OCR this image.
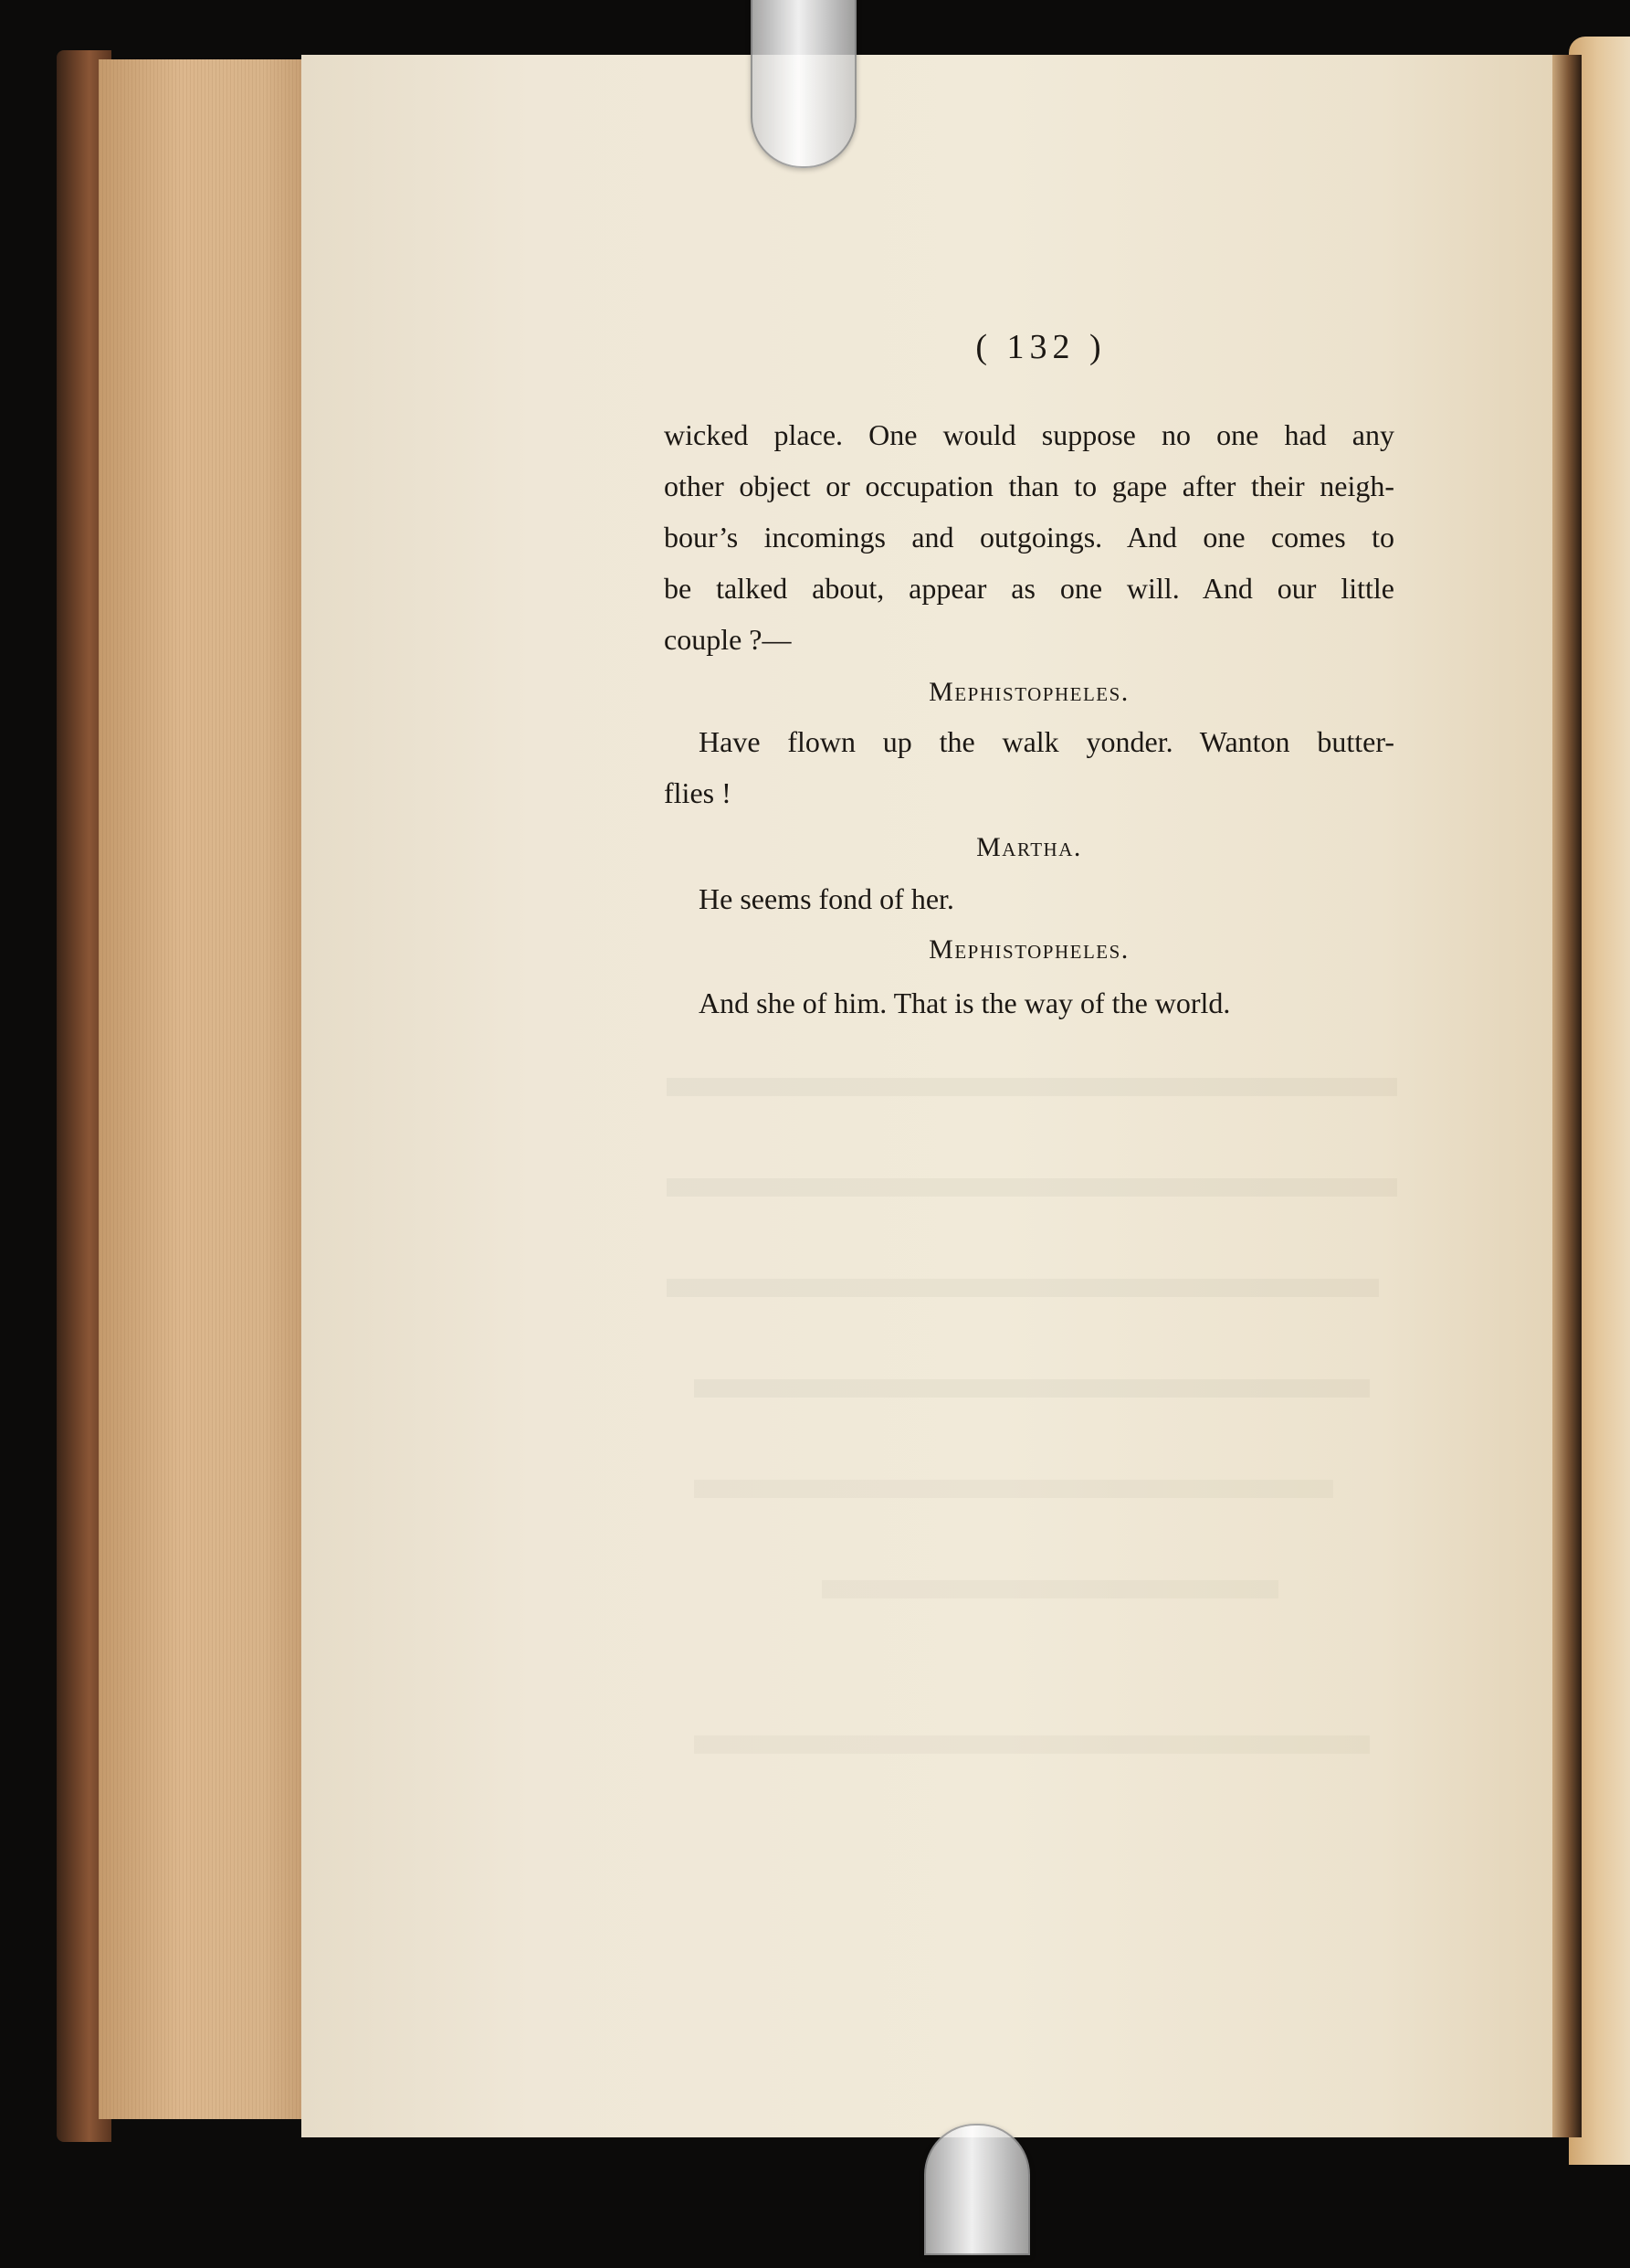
( 132 )
wicked place. One would suppose no one had any
other object or occupation than to gape after their neigh-
bour’s incomings and outgoings. And one comes to
be talked about, appear as one will. And our little
couple ?—
Mephistopheles.
Have flown up the walk yonder. Wanton butter-
flies !
Martha.
He seems fond of her.
Mephistopheles.
And she of him. That is the way of the world.
